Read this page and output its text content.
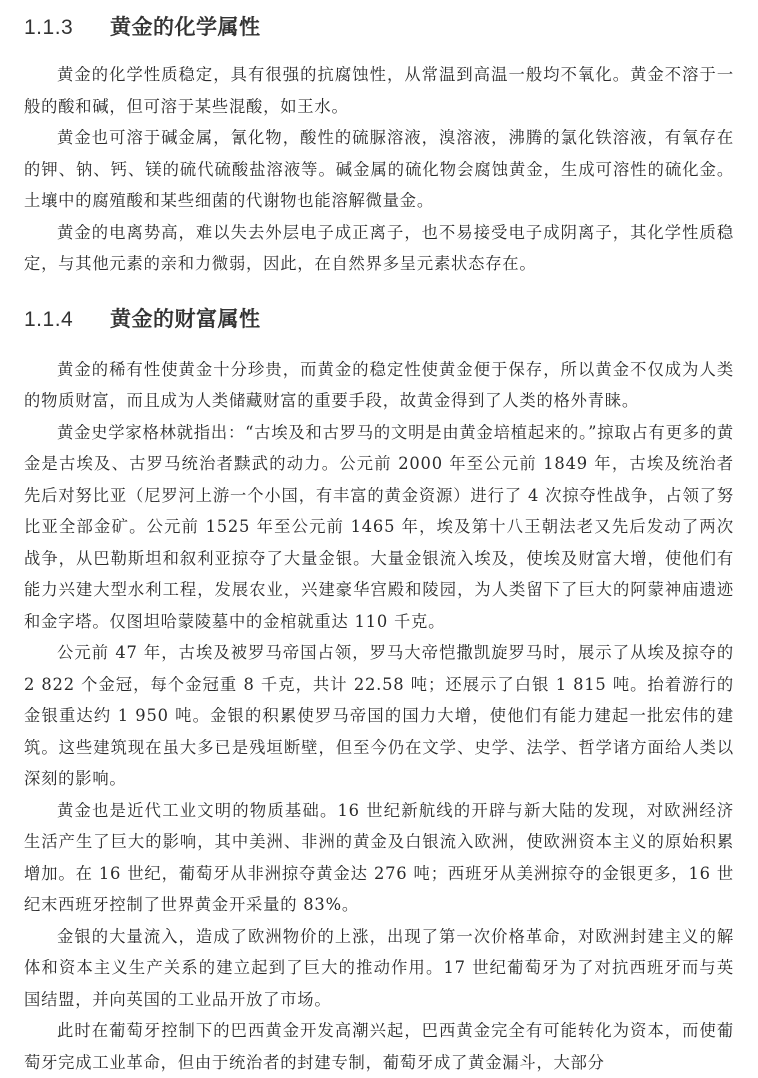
1.1.3 黄金的化学属性

黄金的化学性质稳定，具有很强的抗腐蚀性，从常温到高温一般均不氧化。黄金不溶于一般的酸和碱，但可溶于某些混酸，如王水。

黄金也可溶于碱金属，氰化物，酸性的硫脲溶液，溴溶液，沸腾的氯化铁溶液，有氧存在的钾、钠、钙、镁的硫代硫酸盐溶液等。碱金属的硫化物会腐蚀黄金，生成可溶性的硫化金。土壤中的腐殖酸和某些细菌的代谢物也能溶解微量金。

黄金的电离势高，难以失去外层电子成正离子，也不易接受电子成阴离子，其化学性质稳定，与其他元素的亲和力微弱，因此，在自然界多呈元素状态存在。

1.1.4 黄金的财富属性

黄金的稀有性使黄金十分珍贵，而黄金的稳定性使黄金便于保存，所以黄金不仅成为人类的物质财富，而且成为人类储藏财富的重要手段，故黄金得到了人类的格外青睐。

黄金史学家格林就指出：“古埃及和古罗马的文明是由黄金培植起来的。”掠取占有更多的黄金是古埃及、古罗马统治者黩武的动力。公元前 2000 年至公元前 1849 年，古埃及统治者先后对努比亚（尼罗河上游一个小国，有丰富的黄金资源）进行了 4 次掠夺性战争，占领了努比亚全部金矿。公元前 1525 年至公元前 1465 年，埃及第十八王朝法老又先后发动了两次战争，从巴勒斯坦和叙利亚掠夺了大量金银。大量金银流入埃及，使埃及财富大增，使他们有能力兴建大型水利工程，发展农业，兴建豪华宫殿和陵园，为人类留下了巨大的阿蒙神庙遗迹和金字塔。仅图坦哈蒙陵墓中的金棺就重达 110 千克。

公元前 47 年，古埃及被罗马帝国占领，罗马大帝恺撒凯旋罗马时，展示了从埃及掠夺的 2 822 个金冠，每个金冠重 8 千克，共计 22.58 吨；还展示了白银 1 815 吨。抬着游行的金银重达约 1 950 吨。金银的积累使罗马帝国的国力大增，使他们有能力建起一批宏伟的建筑。这些建筑现在虽大多已是残垣断壁，但至今仍在文学、史学、法学、哲学诸方面给人类以深刻的影响。

黄金也是近代工业文明的物质基础。16 世纪新航线的开辟与新大陆的发现，对欧洲经济生活产生了巨大的影响，其中美洲、非洲的黄金及白银流入欧洲，使欧洲资本主义的原始积累增加。在 16 世纪，葡萄牙从非洲掠夺黄金达 276 吨；西班牙从美洲掠夺的金银更多，16 世纪末西班牙控制了世界黄金开采量的 83%。

金银的大量流入，造成了欧洲物价的上涨，出现了第一次价格革命，对欧洲封建主义的解体和资本主义生产关系的建立起到了巨大的推动作用。17 世纪葡萄牙为了对抗西班牙而与英国结盟，并向英国的工业品开放了市场。

此时在葡萄牙控制下的巴西黄金开发高潮兴起，巴西黄金完全有可能转化为资本，而使葡萄牙完成工业革命，但由于统治者的封建专制，葡萄牙成了黄金漏斗，大部分
